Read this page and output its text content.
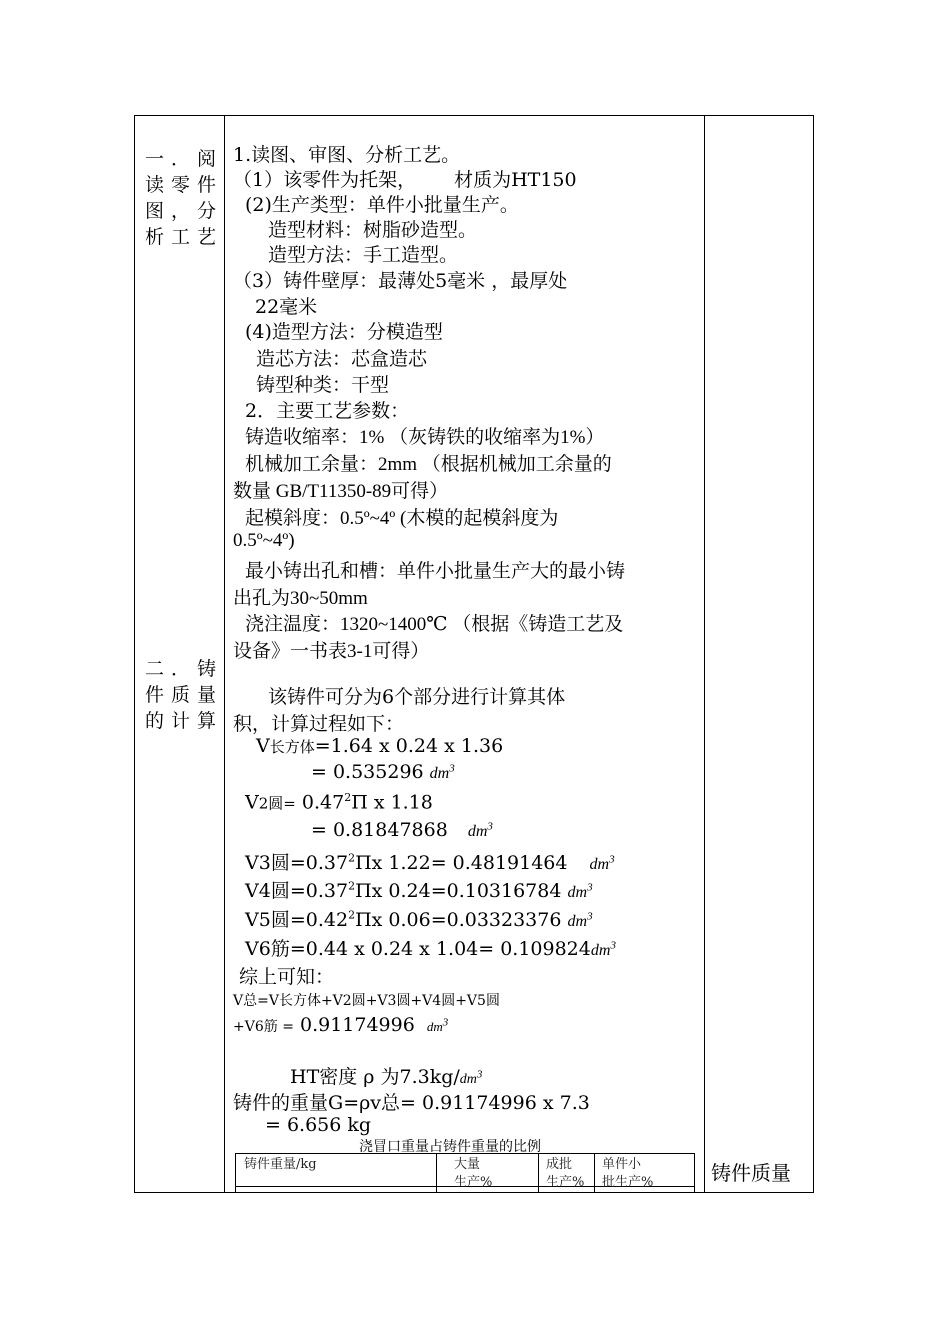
一．阅
读零件
图，分
析工艺
二．铸
件质量
的计算
铸件质量
1.读图、审图、分析工艺。
（1）该零件为托架， 材质为HT150
(2)生产类型：单件小批量生产。
造型材料：树脂砂造型。
造型方法：手工造型。
（3）铸件壁厚：最薄处5毫米 ，最厚处
22毫米
(4)造型方法：分模造型
造芯方法：芯盒造芯
铸型种类：干型
2．主要工艺参数：
铸造收缩率：1% （灰铸铁的收缩率为1%）
机械加工余量：2mm （根据机械加工余量的
数量 GB/T11350-89可得）
起模斜度：0.5º~4º (木模的起模斜度为
0.5º~4º)
最小铸出孔和槽：单件小批量生产大的最小铸
出孔为30~50mm
浇注温度：1320~1400℃ （根据《铸造工艺及
设备》一书表3-1可得）
该铸件可分为6个部分进行计算其体
积，计算过程如下：
V长方体=1.64 x 0.24 x 1.36
= 0.535296 $dm^3$
V2圆= $0.47^2\Pi$ x 1.18
= 0.81847868 $dm^3$
V3圆$=0.37^2\Pi x$ 1.22= 0.48191464 $dm^3$
V4圆$=0.37^2\Pi x$ 0.24=0.10316784 $dm^3$
V5圆$=0.42^2\Pi x$ 0.06=0.03323376 $dm^3$
V6筋=0.44 x 0.24 x $1.04= 0.109824dm^3$
综上可知：
V总=V长方体+V2圆+V3圆+V4圆+V5圆
+V6筋 = 0.91174996 $dm^3$
HT密度 ρ 为$7.3kg/dm^3$
铸件的重量G=ρv总= 0.91174996 x 7.3
= 6.656 kg
浇冒口重量占铸件重量的比例
铸件重量/kg	大量
生产%
成批
生产%
单件小
批生产%
